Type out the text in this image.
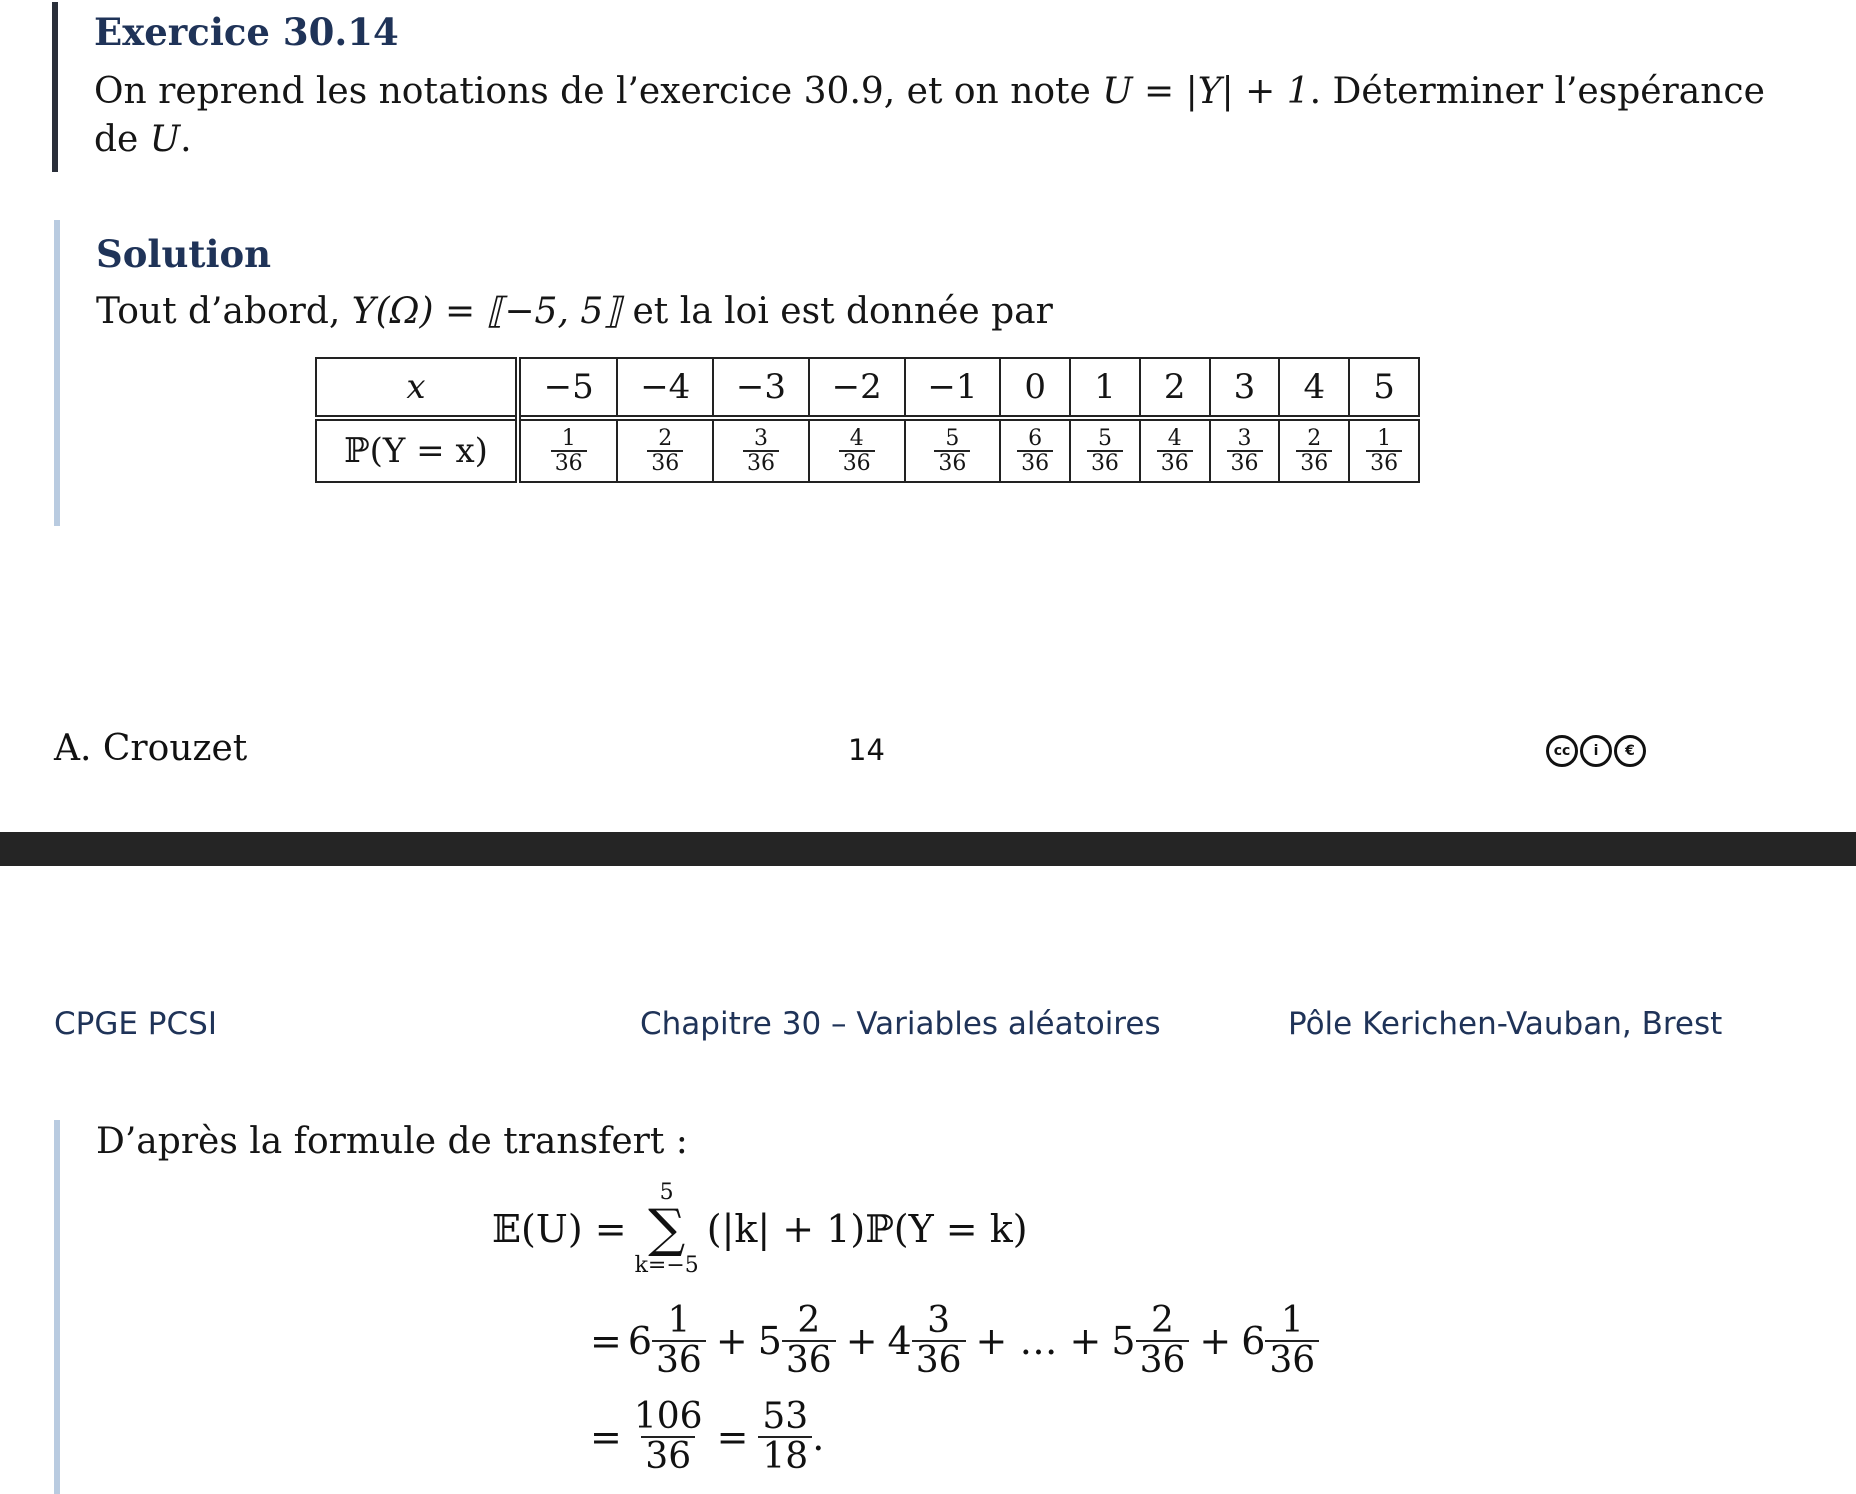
Exercice 30.14
On reprend les notations de l’exercice 30.9, et on note U = |Y| + 1. Déterminer l’espérance
de U.
Solution
Tout d’abord, Y(Ω) = ⟦−5, 5⟧ et la loi est donnée par
x	−5	−4	−3	−2	−1	0	1	2	3	4	5
ℙ(Y = x)	$\frac{1}{36}$	$\frac{2}{36}$	$\frac{3}{36}$	$\frac{4}{36}$	$\frac{5}{36}$	$\frac{6}{36}$	$\frac{5}{36}$	$\frac{4}{36}$	$\frac{3}{36}$	$\frac{2}{36}$	$\frac{1}{36}$
A. Crouzet	14	cc	i	€
CPGE PCSI	Chapitre 30 – Variables aléatoires	Pôle Kerichen-Vauban, Brest
D’après la formule de transfert :
𝔼(U) =
5
∑
k=−5
(|k| + 1)ℙ(Y = k)
= $6 \frac{1}{36} + 5 \frac{2}{36} + 4 \frac{3}{36}$ + … + $5 \frac{2}{36} + 6 \frac{1}{36}$
= $\frac{106}{36} = \frac{53}{18}$ .
